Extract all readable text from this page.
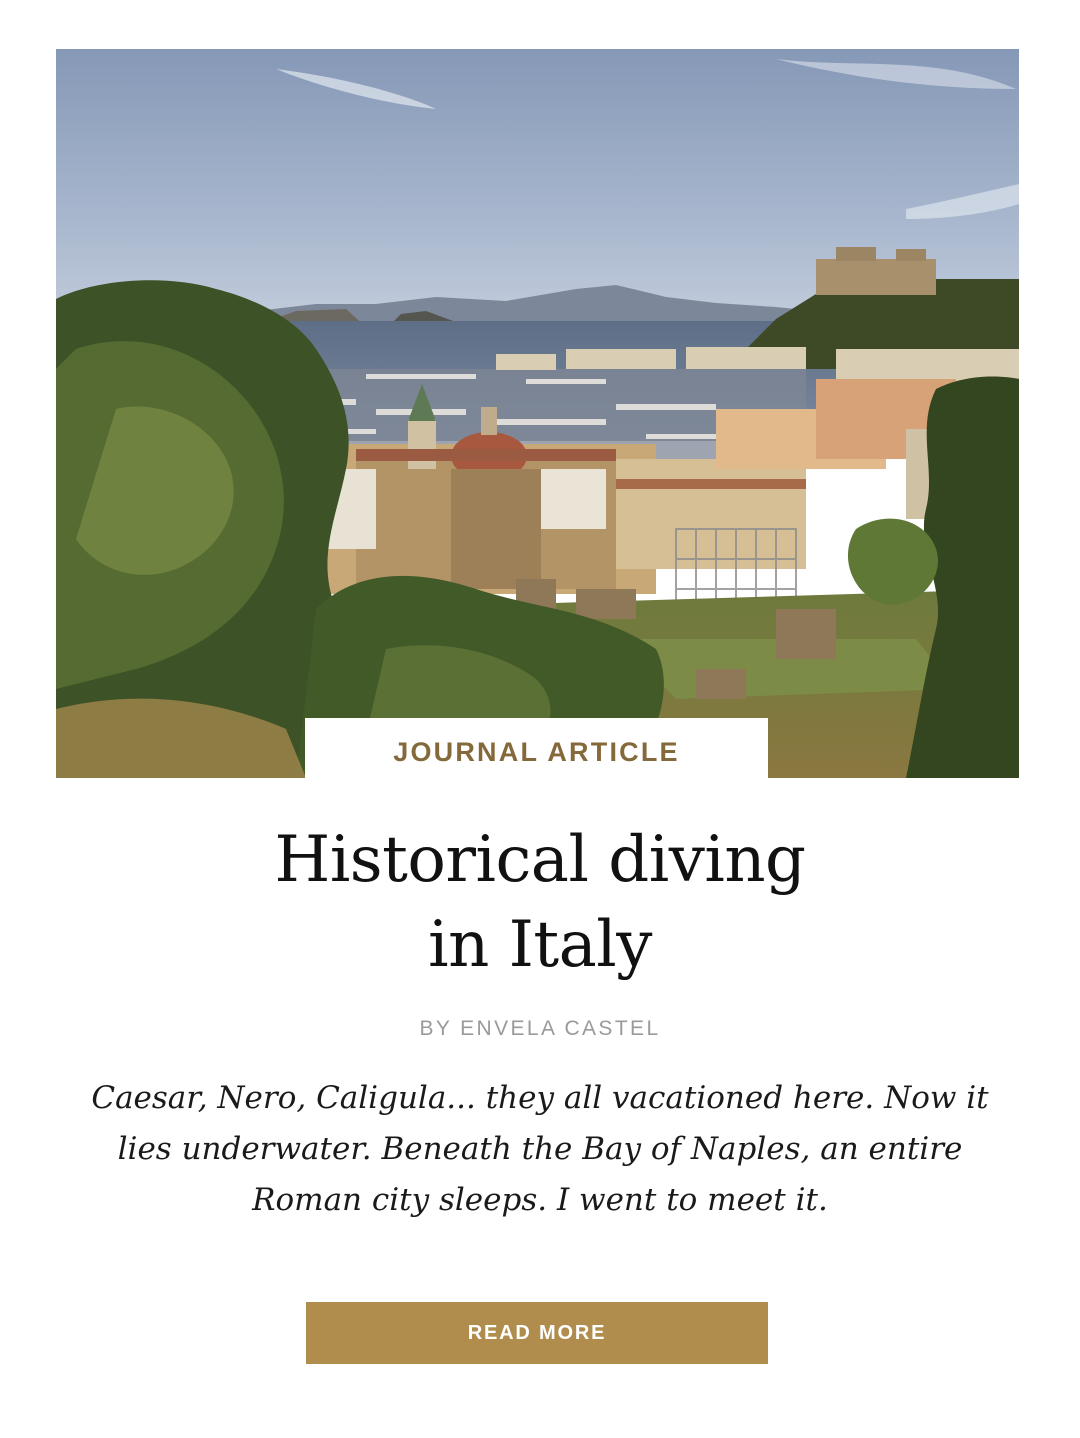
JOURNAL ARTICLE
Historical diving
in Italy
BY ENVELA CASTEL

Caesar, Nero, Caligula... they all vacationed here. Now it
lies underwater. Beneath the Bay of Naples, an entire
Roman city sleeps. I went to meet it.

READ MORE
